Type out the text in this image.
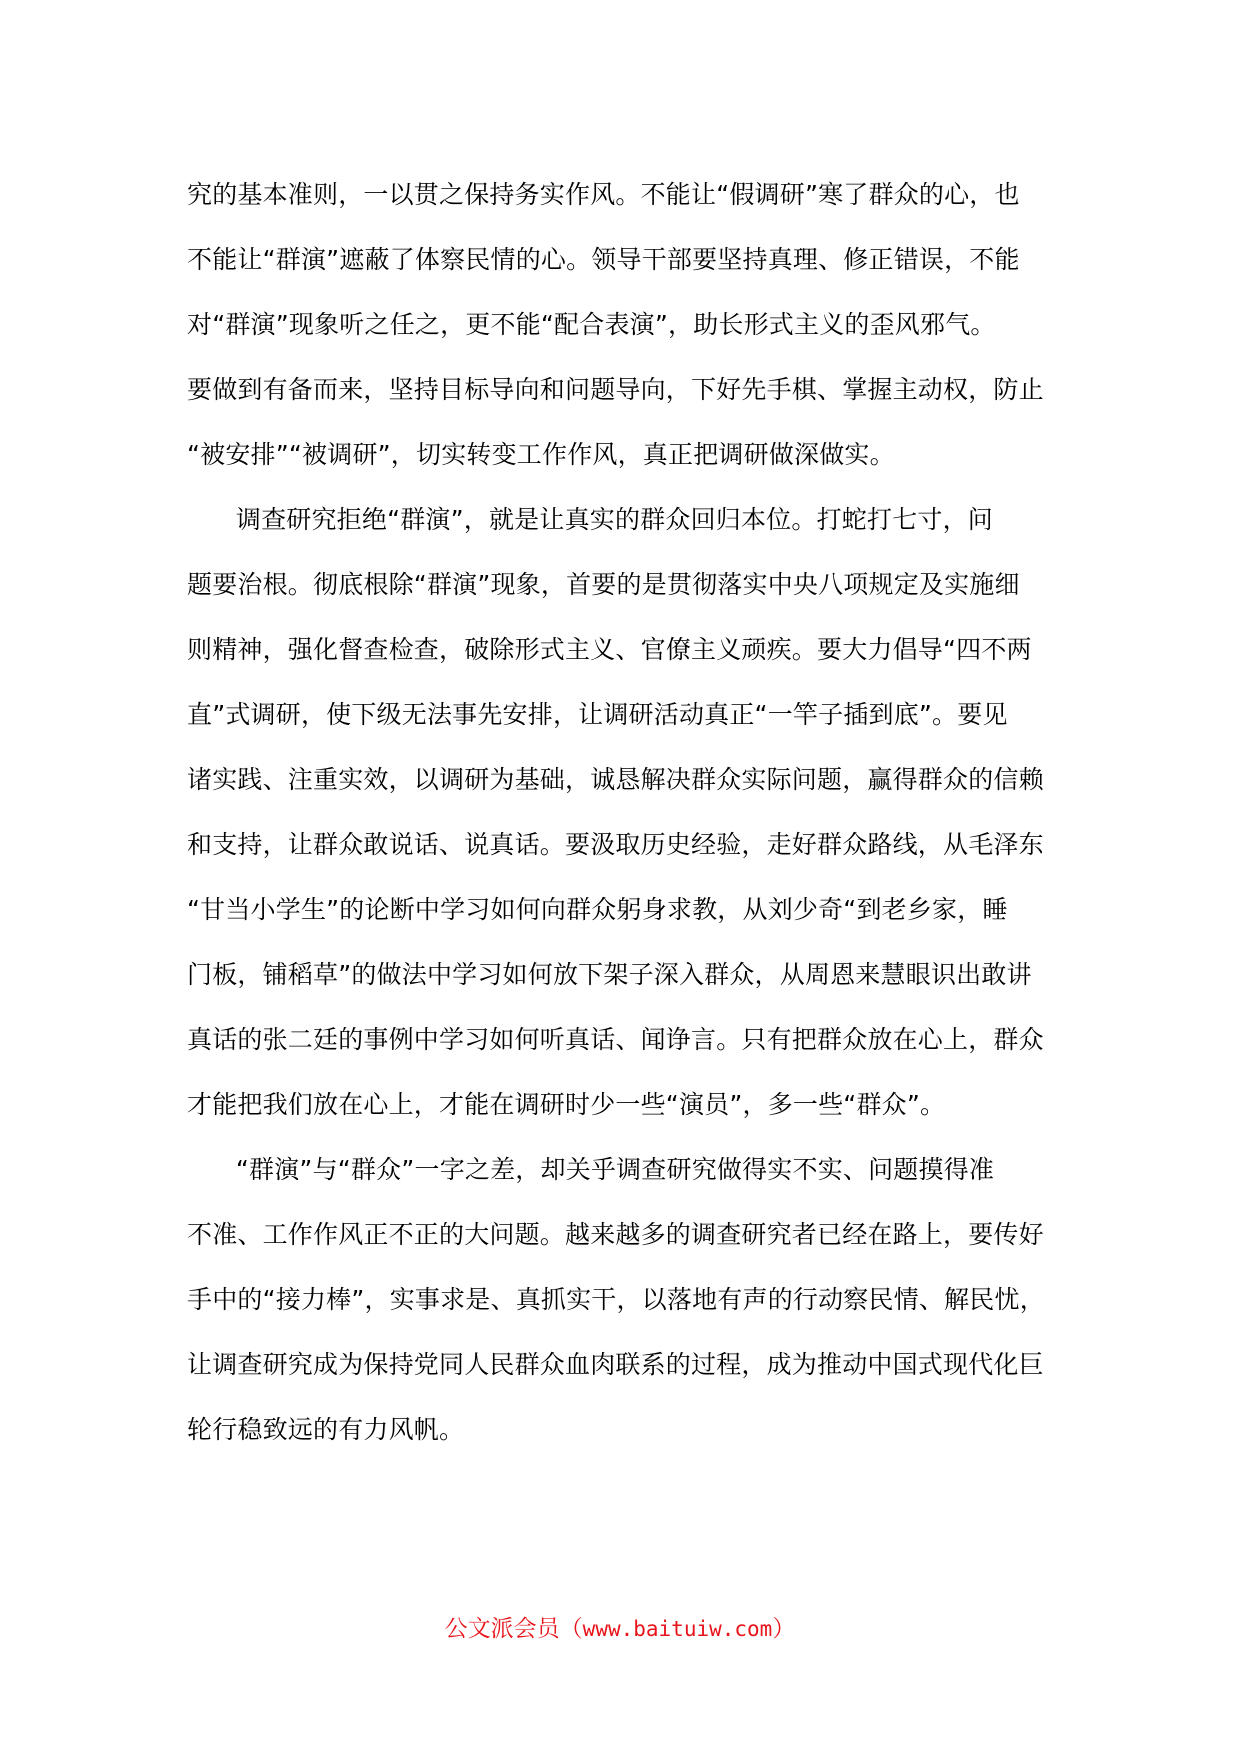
究的基本准则，一以贯之保持务实作风。不能让“假调研”寒了群众的心，也
不能让“群演”遮蔽了体察民情的心。领导干部要坚持真理、修正错误，不能
对“群演”现象听之任之，更不能“配合表演”，助长形式主义的歪风邪气。
要做到有备而来，坚持目标导向和问题导向，下好先手棋、掌握主动权，防止
“被安排”“被调研”，切实转变工作作风，真正把调研做深做实。
调查研究拒绝“群演”，就是让真实的群众回归本位。打蛇打七寸，问
题要治根。彻底根除“群演”现象，首要的是贯彻落实中央八项规定及实施细
则精神，强化督查检查，破除形式主义、官僚主义顽疾。要大力倡导“四不两
直”式调研，使下级无法事先安排，让调研活动真正“一竿子插到底”。要见
诸实践、注重实效，以调研为基础，诚恳解决群众实际问题，赢得群众的信赖
和支持，让群众敢说话、说真话。要汲取历史经验，走好群众路线，从毛泽东
“甘当小学生”的论断中学习如何向群众躬身求教，从刘少奇“到老乡家，睡
门板，铺稻草”的做法中学习如何放下架子深入群众，从周恩来慧眼识出敢讲
真话的张二廷的事例中学习如何听真话、闻诤言。只有把群众放在心上，群众
才能把我们放在心上，才能在调研时少一些“演员”，多一些“群众”。
“群演”与“群众”一字之差，却关乎调查研究做得实不实、问题摸得准
不准、工作作风正不正的大问题。越来越多的调查研究者已经在路上，要传好
手中的“接力棒”，实事求是、真抓实干，以落地有声的行动察民情、解民忧，
让调查研究成为保持党同人民群众血肉联系的过程，成为推动中国式现代化巨
轮行稳致远的有力风帆。
公文派会员（www.baituiw.com）
